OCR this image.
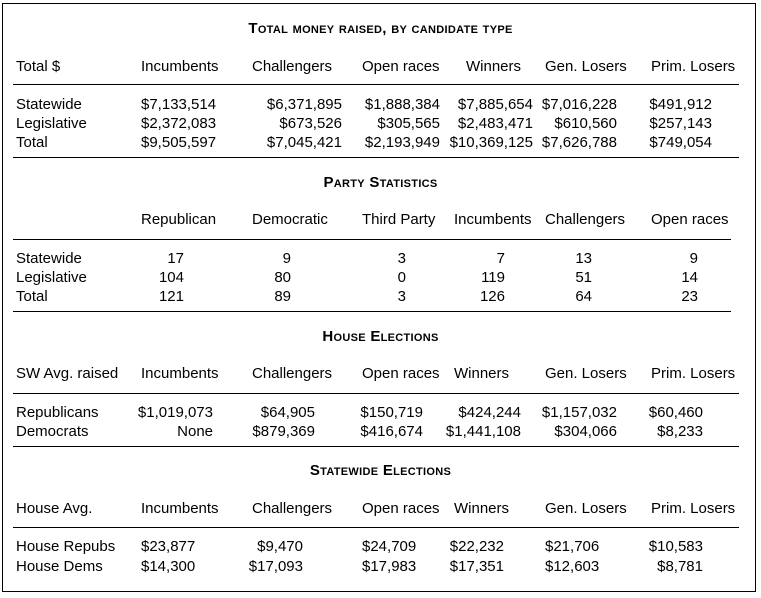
Total money raised, by candidate type
Total $	Incumbents Challengers Open races Winners Gen. Losers Prim. Losers
Statewide	$7,133,514	$6,371,895 $1,888,384 $7,885,654 $7,016,228 $491,912
Legislative	$2,372,083	$673,526 $305,565 $2,483,471 $610,560 $257,143
Total	$9,505,597	$7,045,421 $2,193,949 $10,369,125 $7,626,788 $749,054
Party Statistics
Republican Democratic Third Party Incumbents Challengers Open races
Statewide	17	9	3	7	13	9
Legislative	104	80	0	119	51	14
Total	121	89	3	126	64	23
House Elections
SW Avg. raised Incumbents Challengers Open races Winners Gen. Losers Prim. Losers
Republicans	$1,019,073	$64,905	$150,719 $424,244 $1,157,032 $60,460
Democrats	None	$879,369	$416,674 $1,441,108 $304,066	$8,233
Statewide Elections
House Avg.	Incumbents Challengers Open races Winners Gen. Losers Prim. Losers
House Repubs $23,877	$9,470	$24,709 $22,232	$21,706	$10,583
House Dems	$14,300	$17,093	$17,983 $17,351	$12,603	$8,781
